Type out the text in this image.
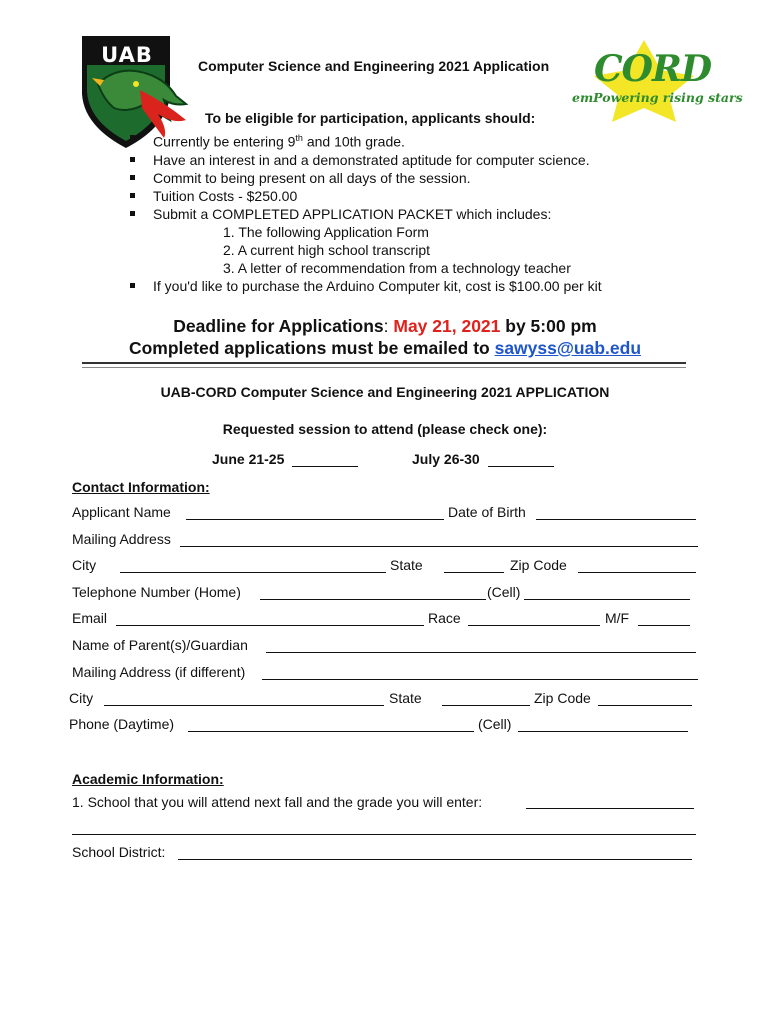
UAB	CORD
emPowering rising stars
Computer Science and Engineering 2021 Application
To be eligible for participation, applicants should:
Currently be entering 9th and 10th grade.
Have an interest in and a demonstrated aptitude for computer science.
Commit to being present on all days of the session.
Tuition Costs - $250.00
Submit a COMPLETED APPLICATION PACKET which includes:
1. The following Application Form
2. A current high school transcript
3. A letter of recommendation from a technology teacher
If you'd like to purchase the Arduino Computer kit, cost is $100.00 per kit
Deadline for Applications: May 21, 2021 by 5:00 pm
Completed applications must be emailed to sawyss@uab.edu
UAB-CORD Computer Science and Engineering 2021 APPLICATION
Requested session to attend (please check one):
June 21-25	July 26-30
Contact Information:
Applicant Name	Date of Birth
Mailing Address
City	State	Zip Code
Telephone Number (Home)	(Cell)
Email	Race	M/F
Name of Parent(s)/Guardian
Mailing Address (if different)
City	State	Zip Code
Phone (Daytime)	(Cell)
Academic Information:
1. School that you will attend next fall and the grade you will enter:
School District:
